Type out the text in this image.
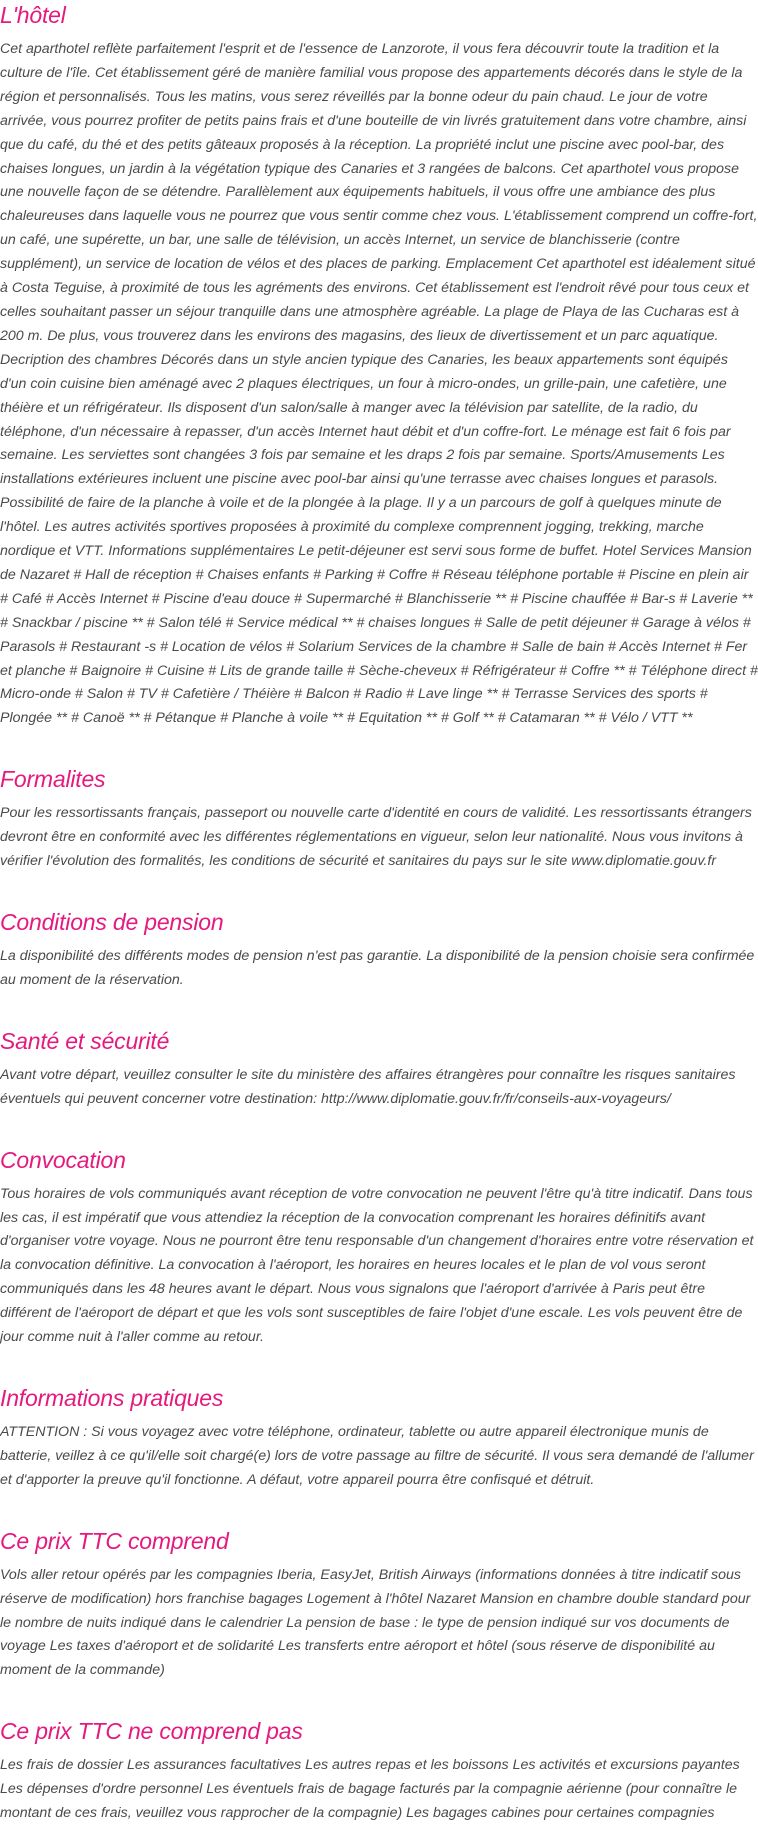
L'hôtel

Cet aparthotel reflète parfaitement l'esprit et de l'essence de Lanzorote, il vous fera découvrir toute la tradition et la culture de l'île. Cet établissement géré de manière familial vous propose des appartements décorés dans le style de la région et personnalisés. Tous les matins, vous serez réveillés par la bonne odeur du pain chaud. Le jour de votre arrivée, vous pourrez profiter de petits pains frais et d'une bouteille de vin livrés gratuitement dans votre chambre, ainsi que du café, du thé et des petits gâteaux proposés à la réception. La propriété inclut une piscine avec pool-bar, des chaises longues, un jardin à la végétation typique des Canaries et 3 rangées de balcons. Cet aparthotel vous propose une nouvelle façon de se détendre. Parallèlement aux équipements habituels, il vous offre une ambiance des plus chaleureuses dans laquelle vous ne pourrez que vous sentir comme chez vous. L'établissement comprend un coffre-fort, un café, une supérette, un bar, une salle de télévision, un accès Internet, un service de blanchisserie (contre supplément), un service de location de vélos et des places de parking. Emplacement Cet aparthotel est idéalement situé à Costa Teguise, à proximité de tous les agréments des environs. Cet établissement est l'endroit rêvé pour tous ceux et celles souhaitant passer un séjour tranquille dans une atmosphère agréable. La plage de Playa de las Cucharas est à 200 m. De plus, vous trouverez dans les environs des magasins, des lieux de divertissement et un parc aquatique. Decription des chambres Décorés dans un style ancien typique des Canaries, les beaux appartements sont équipés d'un coin cuisine bien aménagé avec 2 plaques électriques, un four à micro-ondes, un grille-pain, une cafetière, une théière et un réfrigérateur. Ils disposent d'un salon/salle à manger avec la télévision par satellite, de la radio, du téléphone, d'un nécessaire à repasser, d'un accès Internet haut débit et d'un coffre-fort. Le ménage est fait 6 fois par semaine. Les serviettes sont changées 3 fois par semaine et les draps 2 fois par semaine. Sports/Amusements Les installations extérieures incluent une piscine avec pool-bar ainsi qu'une terrasse avec chaises longues et parasols. Possibilité de faire de la planche à voile et de la plongée à la plage. Il y a un parcours de golf à quelques minute de l'hôtel. Les autres activités sportives proposées à proximité du complexe comprennent jogging, trekking, marche nordique et VTT. Informations supplémentaires Le petit-déjeuner est servi sous forme de buffet. Hotel Services Mansion de Nazaret # Hall de réception # Chaises enfants # Parking # Coffre # Réseau téléphone portable # Piscine en plein air # Café # Accès Internet # Piscine d'eau douce # Supermarché # Blanchisserie ** # Piscine chauffée # Bar-s # Laverie ** # Snackbar / piscine ** # Salon télé # Service médical ** # chaises longues # Salle de petit déjeuner # Garage à vélos # Parasols # Restaurant -s # Location de vélos # Solarium Services de la chambre # Salle de bain # Accès Internet # Fer et planche # Baignoire # Cuisine # Lits de grande taille # Sèche-cheveux # Réfrigérateur # Coffre ** # Téléphone direct # Micro-onde # Salon # TV # Cafetière / Théière # Balcon # Radio # Lave linge ** # Terrasse Services des sports # Plongée ** # Canoë ** # Pétanque # Planche à voile ** # Equitation ** # Golf ** # Catamaran ** # Vélo / VTT **

Formalites

Pour les ressortissants français, passeport ou nouvelle carte d'identité en cours de validité. Les ressortissants étrangers devront être en conformité avec les différentes réglementations en vigueur, selon leur nationalité. Nous vous invitons à vérifier l'évolution des formalités, les conditions de sécurité et sanitaires du pays sur le site www.diplomatie.gouv.fr

Conditions de pension

La disponibilité des différents modes de pension n'est pas garantie. La disponibilité de la pension choisie sera confirmée au moment de la réservation.

Santé et sécurité

Avant votre départ, veuillez consulter le site du ministère des affaires étrangères pour connaître les risques sanitaires éventuels qui peuvent concerner votre destination: http://www.diplomatie.gouv.fr/fr/conseils-aux-voyageurs/

Convocation

Tous horaires de vols communiqués avant réception de votre convocation ne peuvent l'être qu'à titre indicatif. Dans tous les cas, il est impératif que vous attendiez la réception de la convocation comprenant les horaires définitifs avant d'organiser votre voyage. Nous ne pourront être tenu responsable d'un changement d'horaires entre votre réservation et la convocation définitive. La convocation à l'aéroport, les horaires en heures locales et le plan de vol vous seront communiqués dans les 48 heures avant le départ. Nous vous signalons que l'aéroport d'arrivée à Paris peut être différent de l'aéroport de départ et que les vols sont susceptibles de faire l'objet d'une escale. Les vols peuvent être de jour comme nuit à l'aller comme au retour.

Informations pratiques

ATTENTION : Si vous voyagez avec votre téléphone, ordinateur, tablette ou autre appareil électronique munis de batterie, veillez à ce qu'il/elle soit chargé(e) lors de votre passage au filtre de sécurité. Il vous sera demandé de l'allumer et d'apporter la preuve qu'il fonctionne. A défaut, votre appareil pourra être confisqué et détruit.

Ce prix TTC comprend

Vols aller retour opérés par les compagnies Iberia, EasyJet, British Airways (informations données à titre indicatif sous réserve de modification) hors franchise bagages Logement à l'hôtel Nazaret Mansion en chambre double standard pour le nombre de nuits indiqué dans le calendrier La pension de base : le type de pension indiqué sur vos documents de voyage Les taxes d'aéroport et de solidarité Les transferts entre aéroport et hôtel (sous réserve de disponibilité au moment de la commande)

Ce prix TTC ne comprend pas

Les frais de dossier Les assurances facultatives Les autres repas et les boissons Les activités et excursions payantes Les dépenses d'ordre personnel Les éventuels frais de bagage facturés par la compagnie aérienne (pour connaître le montant de ces frais, veuillez vous rapprocher de la compagnie) Les bagages cabines pour certaines compagnies
